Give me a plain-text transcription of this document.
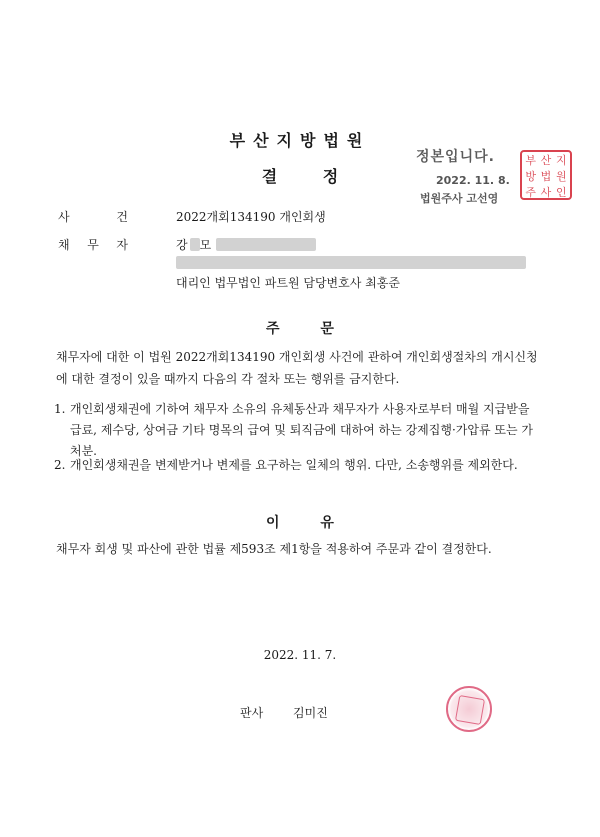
부산지방법원
결 정
정본입니다.
2022. 11. 8.
법원주사 고선영
부 산 지
방 법 원
주 사 인
사	건	2022개회134190 개인회생
채 무 자	강 모
대리인 법무법인 파트원 담당변호사 최홍준
주 문
채무자에 대한 이 법원 2022개회134190 개인회생 사건에 관하여 개인회생절차의 개시신청에 대한 결정이 있을 때까지 다음의 각 절차 또는 행위를 금지한다.
1. 개인회생채권에 기하여 채무자 소유의 유체동산과 채무자가 사용자로부터 매월 지급받을 급료, 제수당, 상여금 기타 명목의 급여 및 퇴직금에 대하여 하는 강제집행·가압류 또는 가처분.
2. 개인회생채권을 변제받거나 변제를 요구하는 일체의 행위. 다만, 소송행위를 제외한다.
이 유
채무자 회생 및 파산에 관한 법률 제593조 제1항을 적용하여 주문과 같이 결정한다.
2022. 11. 7.
판사 김미진
